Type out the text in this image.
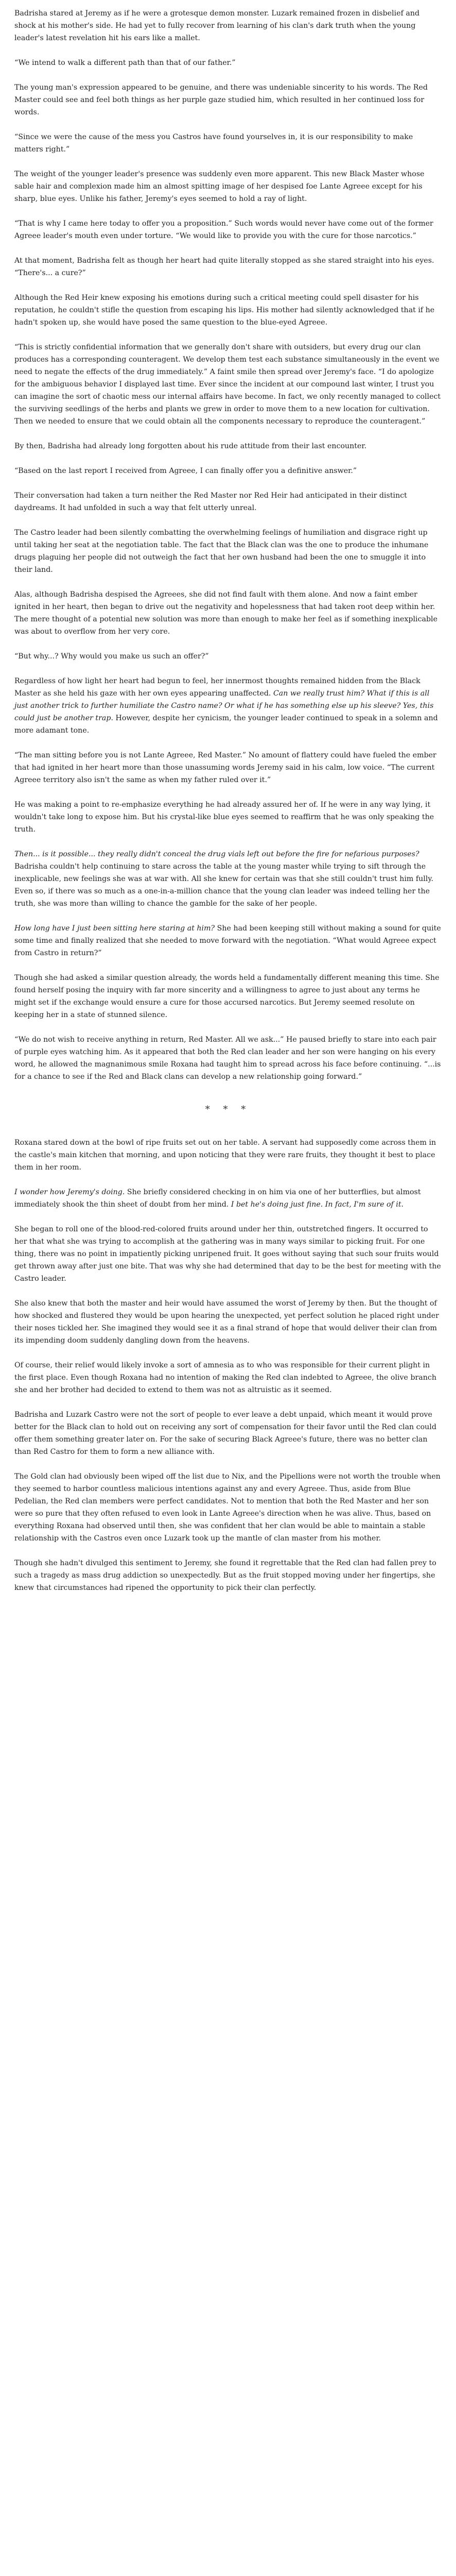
Badrisha stared at Jeremy as if he were a grotesque demon monster. Luzark remained frozen in disbelief and shock at his mother's side. He had yet to fully recover from learning of his clan's dark truth when the young leader's latest revelation hit his ears like a mallet.

“We intend to walk a different path than that of our father.”

The young man's expression appeared to be genuine, and there was undeniable sincerity to his words. The Red Master could see and feel both things as her purple gaze studied him, which resulted in her continued loss for words.

“Since we were the cause of the mess you Castros have found yourselves in, it is our responsibility to make matters right.”

The weight of the younger leader's presence was suddenly even more apparent. This new Black Master whose sable hair and complexion made him an almost spitting image of her despised foe Lante Agreee except for his sharp, blue eyes. Unlike his father, Jeremy's eyes seemed to hold a ray of light.

“That is why I came here today to offer you a proposition.” Such words would never have come out of the former Agreee leader's mouth even under torture. “We would like to provide you with the cure for those narcotics.”

At that moment, Badrisha felt as though her heart had quite literally stopped as she stared straight into his eyes. “There's... a cure?”

Although the Red Heir knew exposing his emotions during such a critical meeting could spell disaster for his reputation, he couldn't stifle the question from escaping his lips. His mother had silently acknowledged that if he hadn't spoken up, she would have posed the same question to the blue-eyed Agreee.

“This is strictly confidential information that we generally don't share with outsiders, but every drug our clan produces has a corresponding counteragent. We develop them test each substance simultaneously in the event we need to negate the effects of the drug immediately.” A faint smile then spread over Jeremy's face. “I do apologize for the ambiguous behavior I displayed last time. Ever since the incident at our compound last winter, I trust you can imagine the sort of chaotic mess our internal affairs have become. In fact, we only recently managed to collect the surviving seedlings of the herbs and plants we grew in order to move them to a new location for cultivation. Then we needed to ensure that we could obtain all the components necessary to reproduce the counteragent.”

By then, Badrisha had already long forgotten about his rude attitude from their last encounter.

“Based on the last report I received from Agreee, I can finally offer you a definitive answer.”

Their conversation had taken a turn neither the Red Master nor Red Heir had anticipated in their distinct daydreams. It had unfolded in such a way that felt utterly unreal.

The Castro leader had been silently combatting the overwhelming feelings of humiliation and disgrace right up until taking her seat at the negotiation table. The fact that the Black clan was the one to produce the inhumane drugs plaguing her people did not outweigh the fact that her own husband had been the one to smuggle it into their land.

Alas, although Badrisha despised the Agreees, she did not find fault with them alone. And now a faint ember ignited in her heart, then began to drive out the negativity and hopelessness that had taken root deep within her. The mere thought of a potential new solution was more than enough to make her feel as if something inexplicable was about to overflow from her very core.

“But why...? Why would you make us such an offer?”

Regardless of how light her heart had begun to feel, her innermost thoughts remained hidden from the Black Master as she held his gaze with her own eyes appearing unaffected. Can we really trust him? What if this is all just another trick to further humiliate the Castro name? Or what if he has something else up his sleeve? Yes, this could just be another trap. However, despite her cynicism, the younger leader continued to speak in a solemn and more adamant tone.

“The man sitting before you is not Lante Agreee, Red Master.” No amount of flattery could have fueled the ember that had ignited in her heart more than those unassuming words Jeremy said in his calm, low voice. “The current Agreee territory also isn't the same as when my father ruled over it.”

He was making a point to re-emphasize everything he had already assured her of. If he were in any way lying, it wouldn't take long to expose him. But his crystal-like blue eyes seemed to reaffirm that he was only speaking the truth.

Then... is it possible... they really didn't conceal the drug vials left out before the fire for nefarious purposes? Badrisha couldn't help continuing to stare across the table at the young master while trying to sift through the inexplicable, new feelings she was at war with. All she knew for certain was that she still couldn't trust him fully. Even so, if there was so much as a one-in-a-million chance that the young clan leader was indeed telling her the truth, she was more than willing to chance the gamble for the sake of her people.

How long have I just been sitting here staring at him? She had been keeping still without making a sound for quite some time and finally realized that she needed to move forward with the negotiation. “What would Agreee expect from Castro in return?”

Though she had asked a similar question already, the words held a fundamentally different meaning this time. She found herself posing the inquiry with far more sincerity and a willingness to agree to just about any terms he might set if the exchange would ensure a cure for those accursed narcotics. But Jeremy seemed resolute on keeping her in a state of stunned silence.

“We do not wish to receive anything in return, Red Master. All we ask...” He paused briefly to stare into each pair of purple eyes watching him. As it appeared that both the Red clan leader and her son were hanging on his every word, he allowed the magnanimous smile Roxana had taught him to spread across his face before continuing. “...is for a chance to see if the Red and Black clans can develop a new relationship going forward.”

* * *

Roxana stared down at the bowl of ripe fruits set out on her table. A servant had supposedly come across them in the castle's main kitchen that morning, and upon noticing that they were rare fruits, they thought it best to place them in her room.

I wonder how Jeremy's doing. She briefly considered checking in on him via one of her butterflies, but almost immediately shook the thin sheet of doubt from her mind. I bet he's doing just fine. In fact, I'm sure of it.

She began to roll one of the blood-red-colored fruits around under her thin, outstretched fingers. It occurred to her that what she was trying to accomplish at the gathering was in many ways similar to picking fruit. For one thing, there was no point in impatiently picking unripened fruit. It goes without saying that such sour fruits would get thrown away after just one bite. That was why she had determined that day to be the best for meeting with the Castro leader.

She also knew that both the master and heir would have assumed the worst of Jeremy by then. But the thought of how shocked and flustered they would be upon hearing the unexpected, yet perfect solution he placed right under their noses tickled her. She imagined they would see it as a final strand of hope that would deliver their clan from its impending doom suddenly dangling down from the heavens.

Of course, their relief would likely invoke a sort of amnesia as to who was responsible for their current plight in the first place. Even though Roxana had no intention of making the Red clan indebted to Agreee, the olive branch she and her brother had decided to extend to them was not as altruistic as it seemed.

Badrisha and Luzark Castro were not the sort of people to ever leave a debt unpaid, which meant it would prove better for the Black clan to hold out on receiving any sort of compensation for their favor until the Red clan could offer them something greater later on. For the sake of securing Black Agreee's future, there was no better clan than Red Castro for them to form a new alliance with.

The Gold clan had obviously been wiped off the list due to Nix, and the Pipellions were not worth the trouble when they seemed to harbor countless malicious intentions against any and every Agreee. Thus, aside from Blue Pedelian, the Red clan members were perfect candidates. Not to mention that both the Red Master and her son were so pure that they often refused to even look in Lante Agreee's direction when he was alive. Thus, based on everything Roxana had observed until then, she was confident that her clan would be able to maintain a stable relationship with the Castros even once Luzark took up the mantle of clan master from his mother.

Though she hadn't divulged this sentiment to Jeremy, she found it regrettable that the Red clan had fallen prey to such a tragedy as mass drug addiction so unexpectedly. But as the fruit stopped moving under her fingertips, she knew that circumstances had ripened the opportunity to pick their clan perfectly.
